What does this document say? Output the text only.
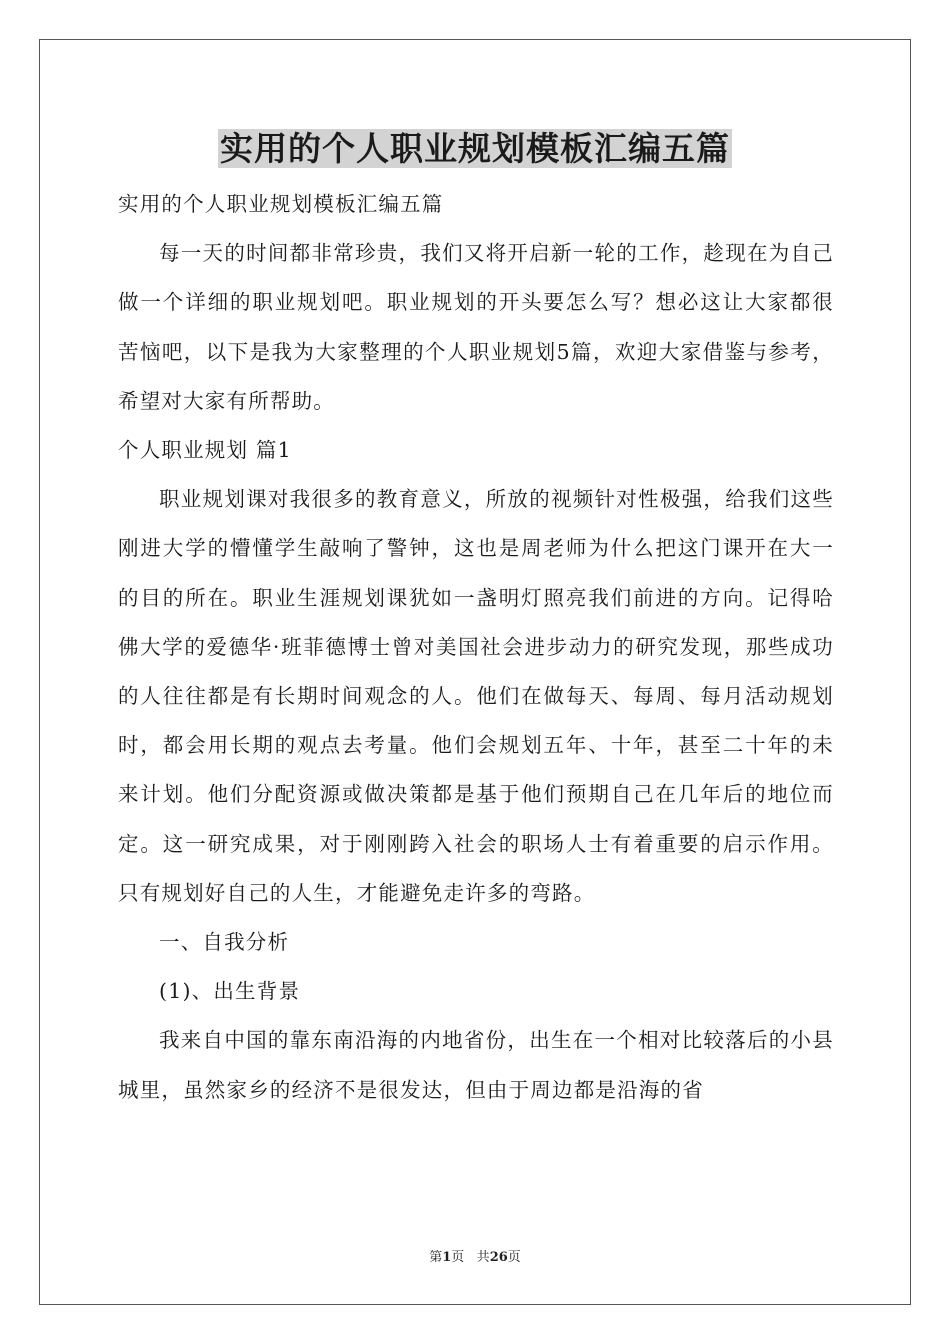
实用的个人职业规划模板汇编五篇

实用的个人职业规划模板汇编五篇

每一天的时间都非常珍贵，我们又将开启新一轮的工作，趁现在为自己做一个详细的职业规划吧。职业规划的开头要怎么写？想必这让大家都很苦恼吧，以下是我为大家整理的个人职业规划5篇，欢迎大家借鉴与参考，希望对大家有所帮助。

个人职业规划 篇1

职业规划课对我很多的教育意义，所放的视频针对性极强，给我们这些刚进大学的懵懂学生敲响了警钟，这也是周老师为什么把这门课开在大一的目的所在。职业生涯规划课犹如一盏明灯照亮我们前进的方向。记得哈佛大学的爱德华·班菲德博士曾对美国社会进步动力的研究发现，那些成功的人往往都是有长期时间观念的人。他们在做每天、每周、每月活动规划时，都会用长期的观点去考量。他们会规划五年、十年，甚至二十年的未来计划。他们分配资源或做决策都是基于他们预期自己在几年后的地位而定。这一研究成果，对于刚刚跨入社会的职场人士有着重要的启示作用。只有规划好自己的人生，才能避免走许多的弯路。

一、自我分析

(1)、出生背景

我来自中国的靠东南沿海的内地省份，出生在一个相对比较落后的小县城里，虽然家乡的经济不是很发达，但由于周边都是沿海的省

第1页 共26页
